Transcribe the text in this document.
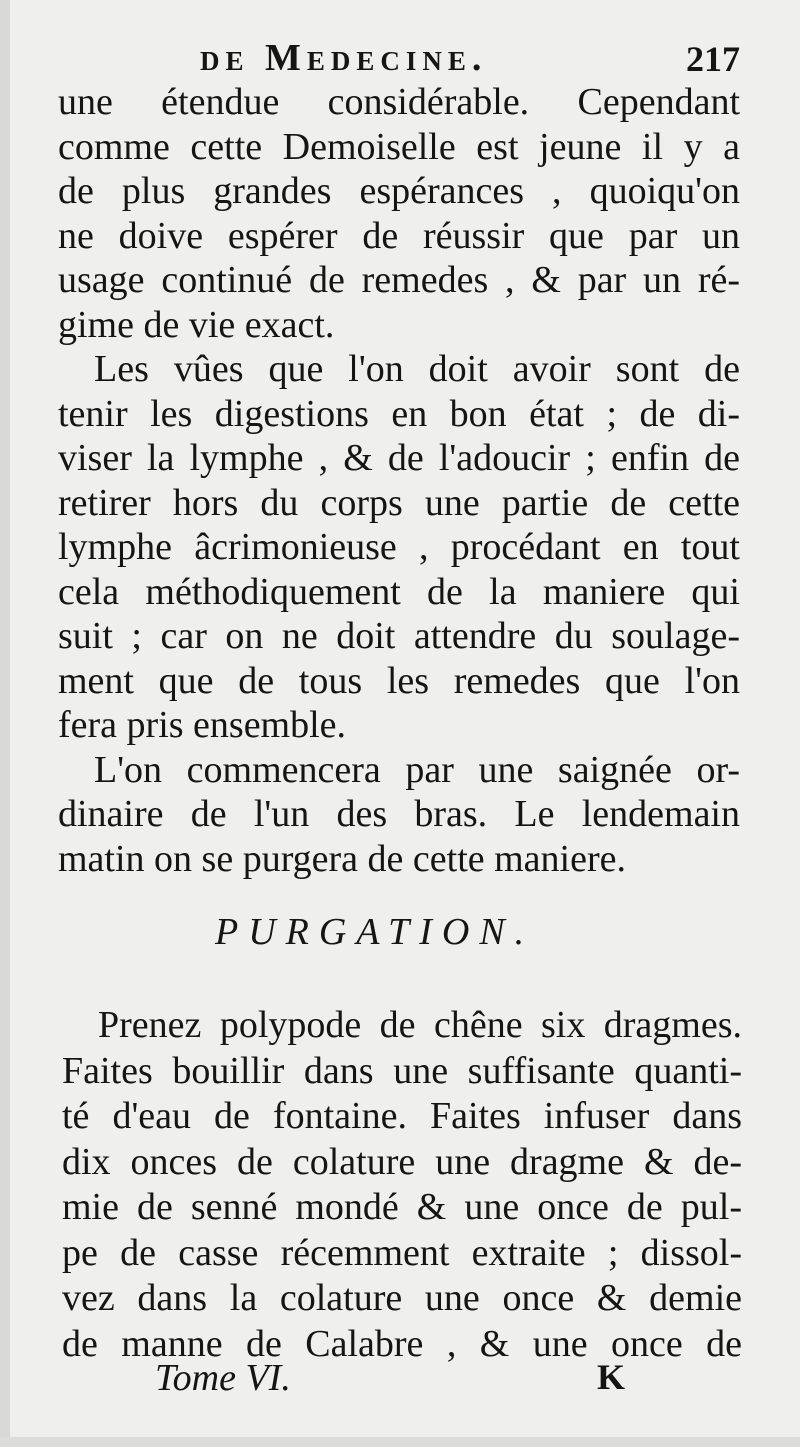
de Medecine.	217
une étendue considérable. Cependant
comme cette Demoiselle est jeune il y a
de plus grandes espérances , quoiqu'on
ne doive espérer de réussir que par un
usage continué de remedes , & par un ré-
gime de vie exact.
Les vûes que l'on doit avoir sont de
tenir les digestions en bon état ; de di-
viser la lymphe , & de l'adoucir ; enfin de
retirer hors du corps une partie de cette
lymphe âcrimonieuse , procédant en tout
cela méthodiquement de la maniere qui
suit ; car on ne doit attendre du soulage-
ment que de tous les remedes que l'on
fera pris ensemble.
L'on commencera par une saignée or-
dinaire de l'un des bras. Le lendemain
matin on se purgera de cette maniere.
PURGATION.
Prenez polypode de chêne six dragmes.
Faites bouillir dans une suffisante quanti-
té d'eau de fontaine. Faites infuser dans
dix onces de colature une dragme & de-
mie de senné mondé & une once de pul-
pe de casse récemment extraite ; dissol-
vez dans la colature une once & demie
de manne de Calabre , & une once de
Tome VI.	K
